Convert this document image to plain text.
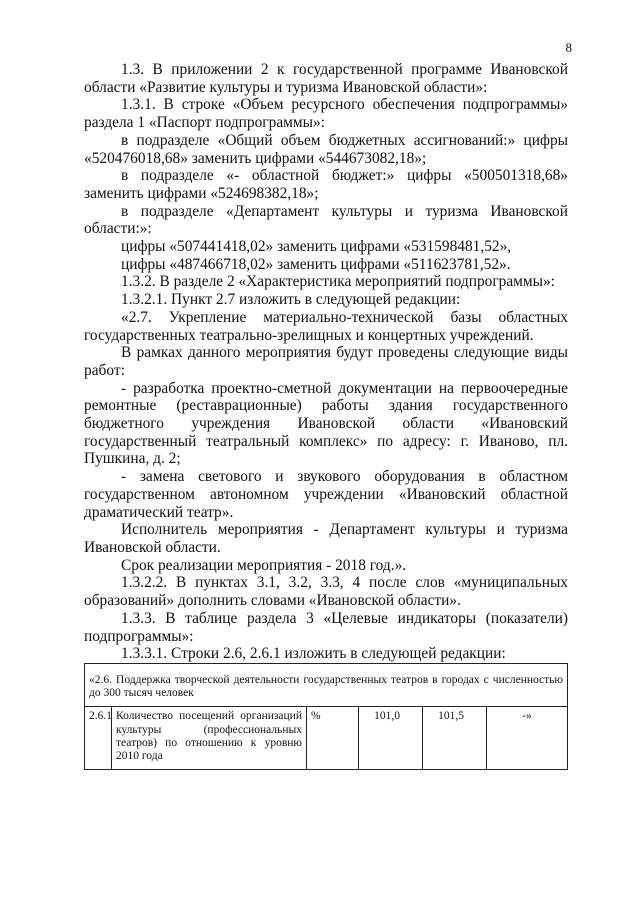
8

1.3. В приложении 2 к государственной программе Ивановской области «Развитие культуры и туризма Ивановской области»:

1.3.1. В строке «Объем ресурсного обеспечения подпрограммы» раздела 1 «Паспорт подпрограммы»:

в подразделе «Общий объем бюджетных ассигнований:» цифры «520476018,68» заменить цифрами «544673082,18»;

в подразделе «- областной бюджет:» цифры «500501318,68» заменить цифрами «524698382,18»;

в подразделе «Департамент культуры и туризма Ивановской области:»:

цифры «507441418,02» заменить цифрами «531598481,52»,

цифры «487466718,02» заменить цифрами «511623781,52».

1.3.2. В разделе 2 «Характеристика мероприятий подпрограммы»:

1.3.2.1. Пункт 2.7 изложить в следующей редакции:

«2.7. Укрепление материально-технической базы областных государственных театрально-зрелищных и концертных учреждений.

В рамках данного мероприятия будут проведены следующие виды работ:

- разработка проектно-сметной документации на первоочередные ремонтные (реставрационные) работы здания государственного бюджетного учреждения Ивановской области «Ивановский государственный театральный комплекс» по адресу: г. Иваново, пл. Пушкина, д. 2;

- замена светового и звукового оборудования в областном государственном автономном учреждении «Ивановский областной драматический театр».

Исполнитель мероприятия - Департамент культуры и туризма Ивановской области.

Срок реализации мероприятия - 2018 год.».

1.3.2.2. В пунктах 3.1, 3.2, 3.3, 4 после слов «муниципальных образований» дополнить словами «Ивановской области».

1.3.3. В таблице раздела 3 «Целевые индикаторы (показатели) подпрограммы»:

1.3.3.1. Строки 2.6, 2.6.1 изложить в следующей редакции:

«2.6. Поддержка творческой деятельности государственных театров в городах с численностью до 300 тысяч человек
2.6.1	Количество посещений организаций культуры (профессиональных театров) по отношению к уровню 2010 года	%	101,0	101,5	-»
